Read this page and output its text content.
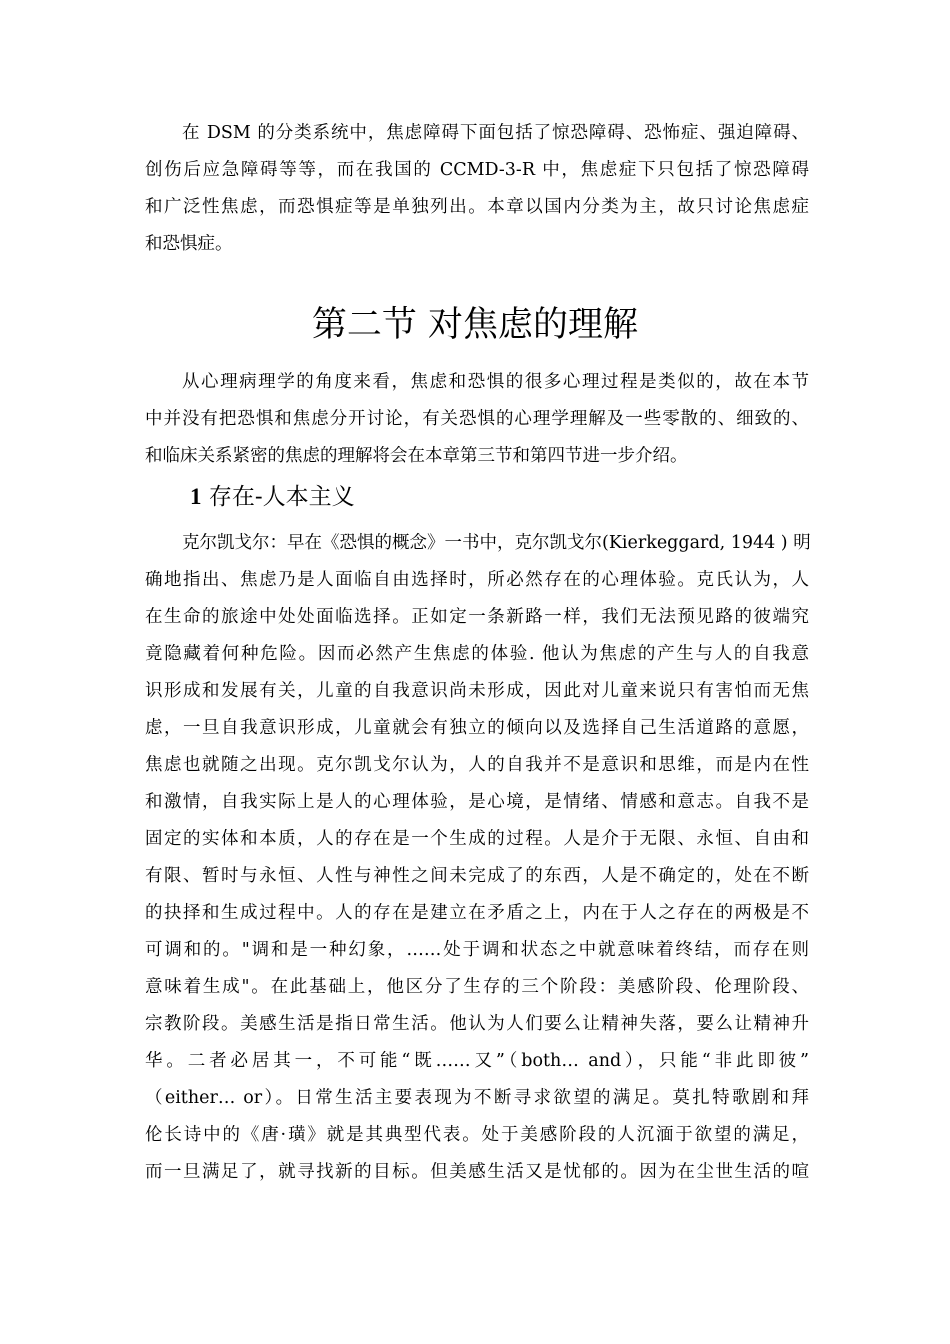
在 DSM 的分类系统中，焦虑障碍下面包括了惊恐障碍、恐怖症、强迫障碍、
创伤后应急障碍等等，而在我国的 CCMD-3-R 中，焦虑症下只包括了惊恐障碍
和广泛性焦虑，而恐惧症等是单独列出。本章以国内分类为主，故只讨论焦虑症
和恐惧症。
第二节 对焦虑的理解
从心理病理学的角度来看，焦虑和恐惧的很多心理过程是类似的，故在本节
中并没有把恐惧和焦虑分开讨论，有关恐惧的心理学理解及一些零散的、细致的、
和临床关系紧密的焦虑的理解将会在本章第三节和第四节进一步介绍。
1 存在-人本主义
克尔凯戈尔：早在《恐惧的概念》一书中，克尔凯戈尔(Kierkeggard, 1944 ) 明
确地指出、焦虑乃是人面临自由选择时，所必然存在的心理体验。克氏认为，人
在生命的旅途中处处面临选择。正如定一条新路一样，我们无法预见路的彼端究
竟隐藏着何种危险。因而必然产生焦虑的体验. 他认为焦虑的产生与人的自我意
识形成和发展有关，儿童的自我意识尚未形成，因此对儿童来说只有害怕而无焦
虑，一旦自我意识形成，儿童就会有独立的倾向以及选择自己生活道路的意愿，
焦虑也就随之出现。克尔凯戈尔认为，人的自我并不是意识和思维，而是内在性
和激情，自我实际上是人的心理体验，是心境，是情绪、情感和意志。自我不是
固定的实体和本质，人的存在是一个生成的过程。人是介于无限、永恒、自由和
有限、暂时与永恒、人性与神性之间未完成了的东西，人是不确定的，处在不断
的抉择和生成过程中。人的存在是建立在矛盾之上，内在于人之存在的两极是不
可调和的。"调和是一种幻象，……处于调和状态之中就意味着终结，而存在则
意味着生成"。在此基础上，他区分了生存的三个阶段：美感阶段、伦理阶段、
宗教阶段。美感生活是指日常生活。他认为人们要么让精神失落，要么让精神升
华。二者必居其一，不可能“既……又”（both… and），只能“非此即彼”
（either… or）。日常生活主要表现为不断寻求欲望的满足。莫扎特歌剧和拜
伦长诗中的《唐·璜》就是其典型代表。处于美感阶段的人沉湎于欲望的满足，
而一旦满足了，就寻找新的目标。但美感生活又是忧郁的。因为在尘世生活的喧
